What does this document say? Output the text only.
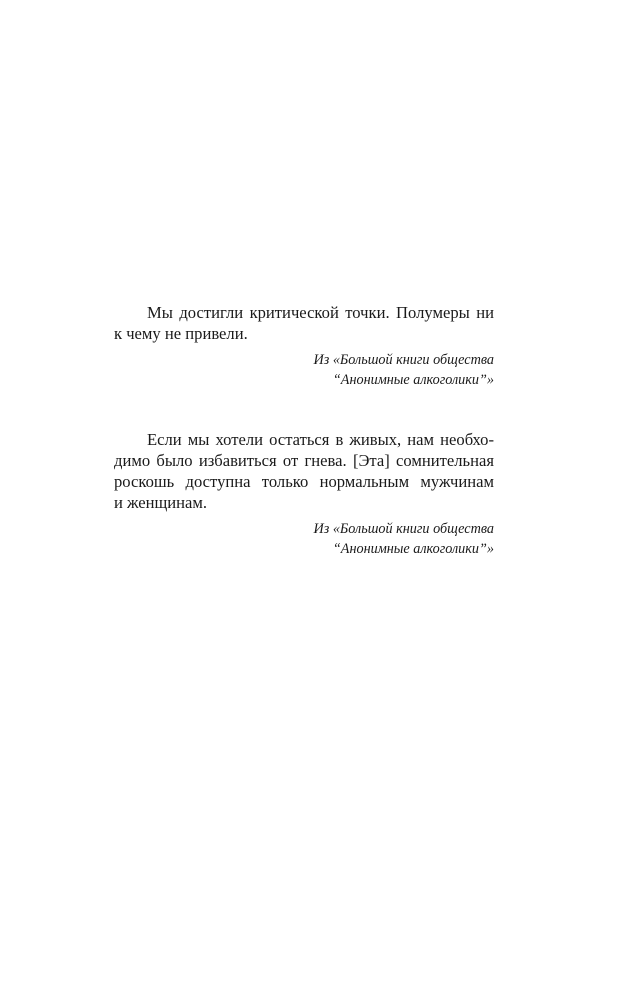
Мы достигли критической точки. Полумеры ни

к чему не привели.

Из «Большой книги общества
“Анонимные алкоголики”»

Если мы хотели остаться в живых, нам необхо-

димо было избавиться от гнева. [Эта] сомнительная

роскошь доступна только нормальным мужчинам

и женщинам.

Из «Большой книги общества
“Анонимные алкоголики”»
